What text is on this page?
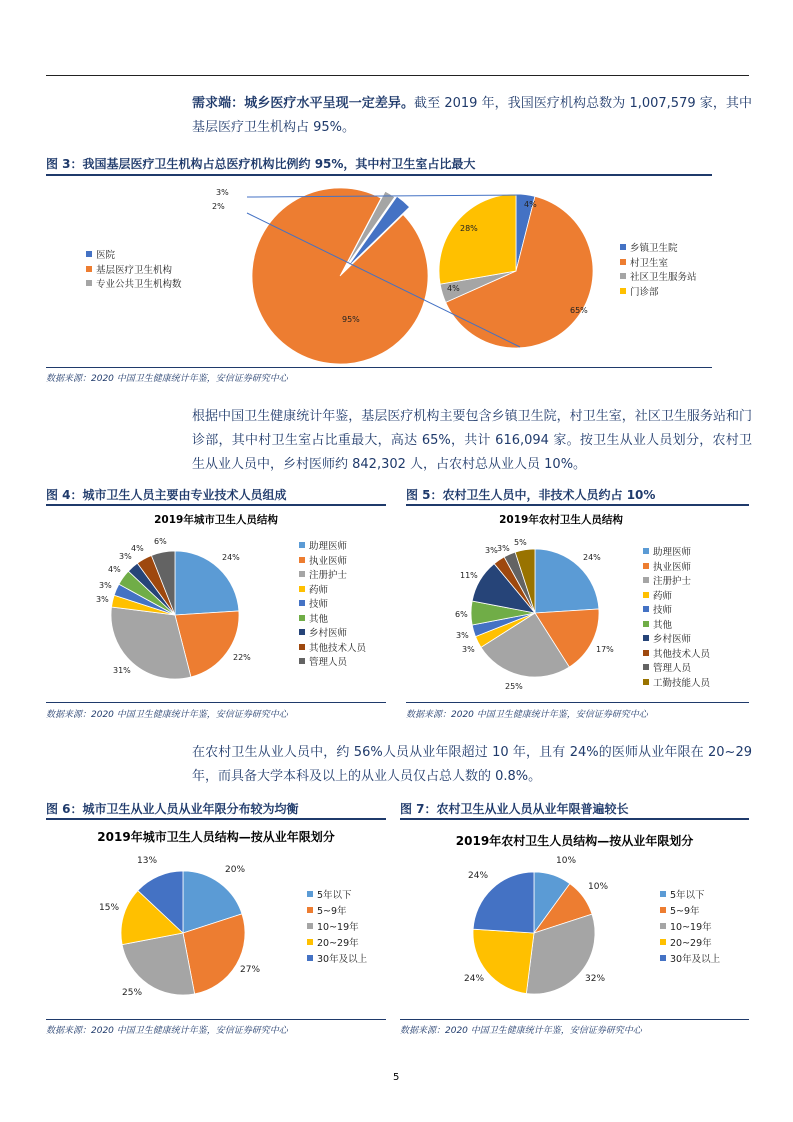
需求端：城乡医疗水平呈现一定差异。截至 2019 年，我国医疗机构总数为 1,007,579 家，其中基层医疗卫生机构占 95%。
图 3：我国基层医疗卫生机构占总医疗机构比例约 95%，其中村卫生室占比最大
3%
2%
95%
28%
4%
4%
65%
医院
基层医疗卫生机构
专业公共卫生机构数
乡镇卫生院
村卫生室
社区卫生服务站
门诊部
数据来源：2020 中国卫生健康统计年鉴，安信证券研究中心
根据中国卫生健康统计年鉴，基层医疗机构主要包含乡镇卫生院，村卫生室，社区卫生服务站和门诊部，其中村卫生室占比重最大，高达 65%，共计 616,094 家。按卫生从业人员划分，农村卫生从业人员中，乡村医师约 842,302 人，占农村总从业人员 10%。
图 4：城市卫生人员主要由专业技术人员组成
2019年城市卫生人员结构
24%
22%
31%
3%
3%
4%
3%
4%
6%	助理医师
执业医师
注册护士
药师
技师
其他
乡村医师
其他技术人员
管理人员
数据来源：2020 中国卫生健康统计年鉴，安信证券研究中心
图 5：农村卫生人员中，非技术人员约占 10%
2019年农村卫生人员结构
24%
17%
25%
3%
3%
6%
11%
3% 3%
5%
助理医师
执业医师
注册护士
药师
技师
其他
乡村医师
其他技术人员
管理人员
工勤技能人员
数据来源：2020 中国卫生健康统计年鉴，安信证券研究中心
在农村卫生从业人员中，约 56%人员从业年限超过 10 年，且有 24%的医师从业年限在 20~29 年，而具备大学本科及以上的从业人员仅占总人数的 0.8%。
图 6：城市卫生从业人员从业年限分布较为均衡
2019年城市卫生人员结构—按从业年限划分
20%
27%
25%
15%
13%
5年以下
5~9年
10~19年
20~29年
30年及以上
数据来源：2020 中国卫生健康统计年鉴，安信证券研究中心
图 7：农村卫生从业人员从业年限普遍较长
2019年农村卫生人员结构—按从业年限划分
10%
10%
32%
24%
24%
5年以下
5~9年
10~19年
20~29年
30年及以上
数据来源：2020 中国卫生健康统计年鉴，安信证券研究中心
5
